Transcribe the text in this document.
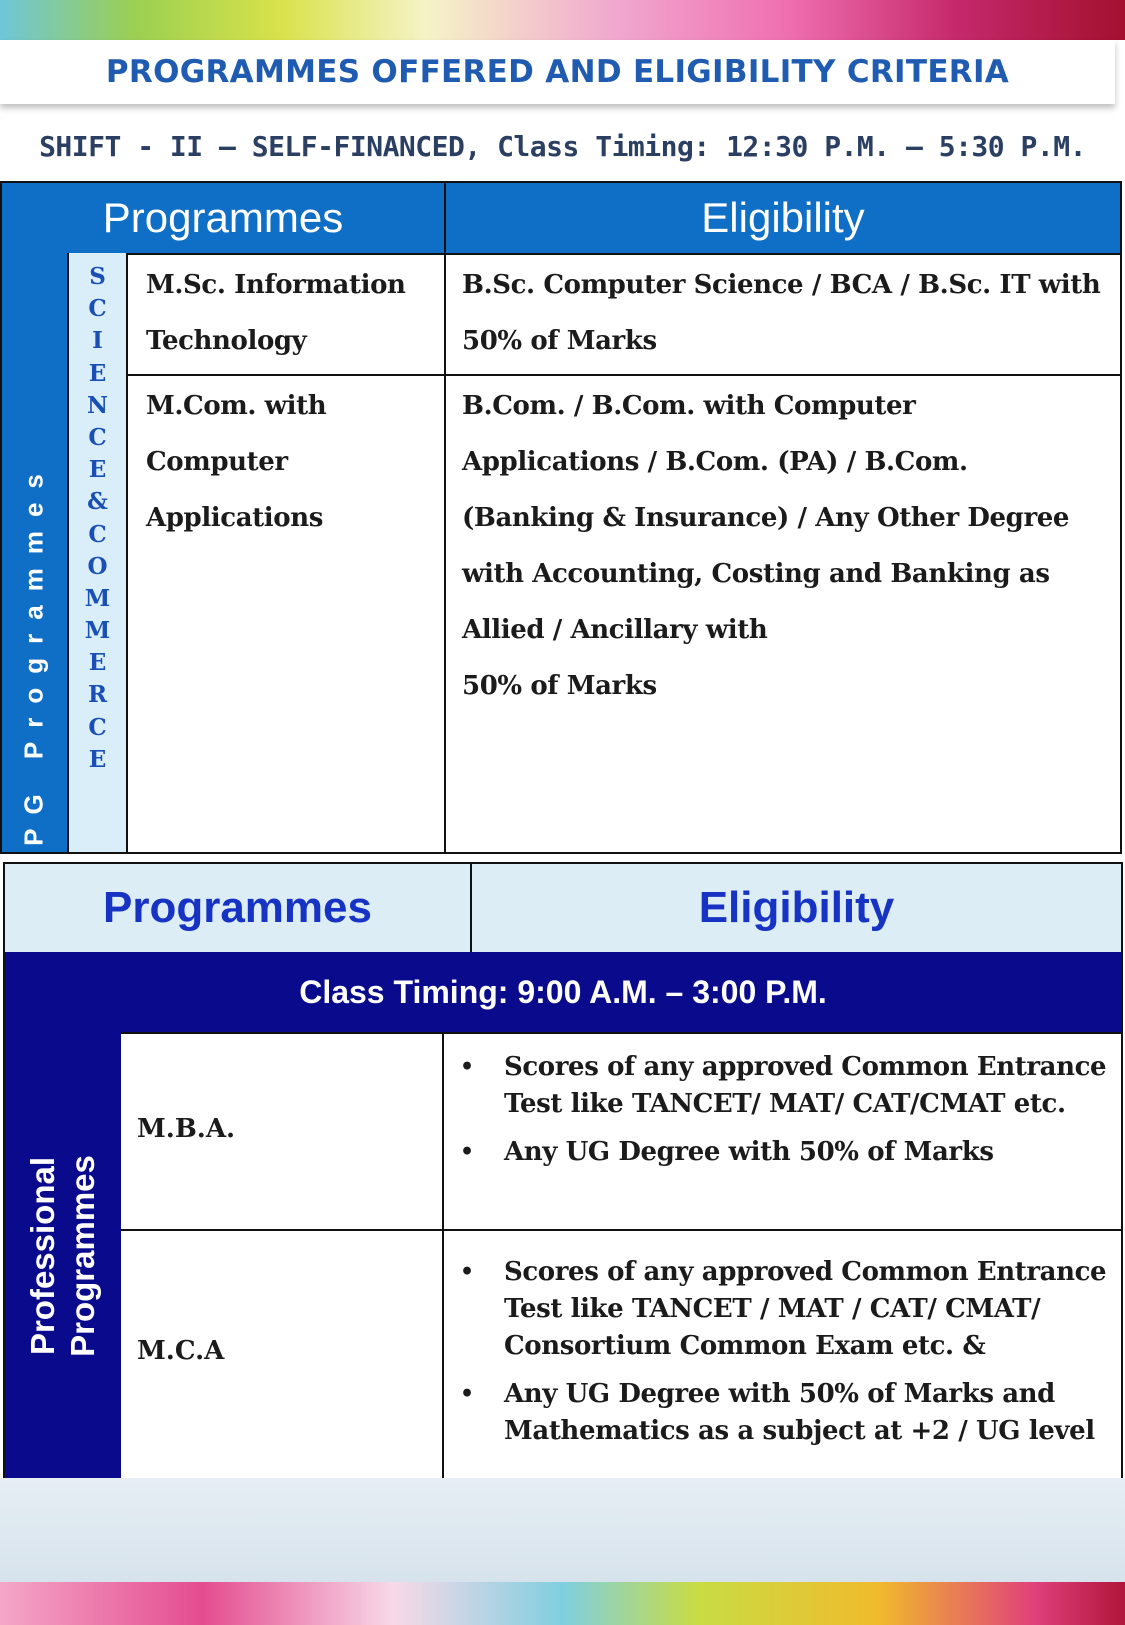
PROGRAMMES OFFERED AND ELIGIBILITY CRITERIA
SHIFT - II – SELF-FINANCED, Class Timing: 12:30 P.M. – 5:30 P.M.
Programmes	Eligibility
PG Programmes
S
C
I
E
N
C
E
&
C
O
M
M
E
R
C
E
M.Sc. Information
Technology
B.Sc. Computer Science / BCA / B.Sc. IT with
50% of Marks
M.Com. with
Computer
Applications
B.Com. / B.Com. with Computer
Applications / B.Com. (PA) / B.Com.
(Banking & Insurance) / Any Other Degree
with Accounting, Costing and Banking as
Allied / Ancillary with
50% of Marks
Programmes	Eligibility
Class Timing: 9:00 A.M. – 3:00 P.M.
Professional Programmes
M.B.A.
• Scores of any approved Common Entrance Test like TANCET/ MAT/ CAT/CMAT etc.
• Any UG Degree with 50% of Marks
M.C.A
• Scores of any approved Common Entrance Test like TANCET / MAT / CAT/ CMAT/ Consortium Common Exam etc. &
• Any UG Degree with 50% of Marks and Mathematics as a subject at +2 / UG level
